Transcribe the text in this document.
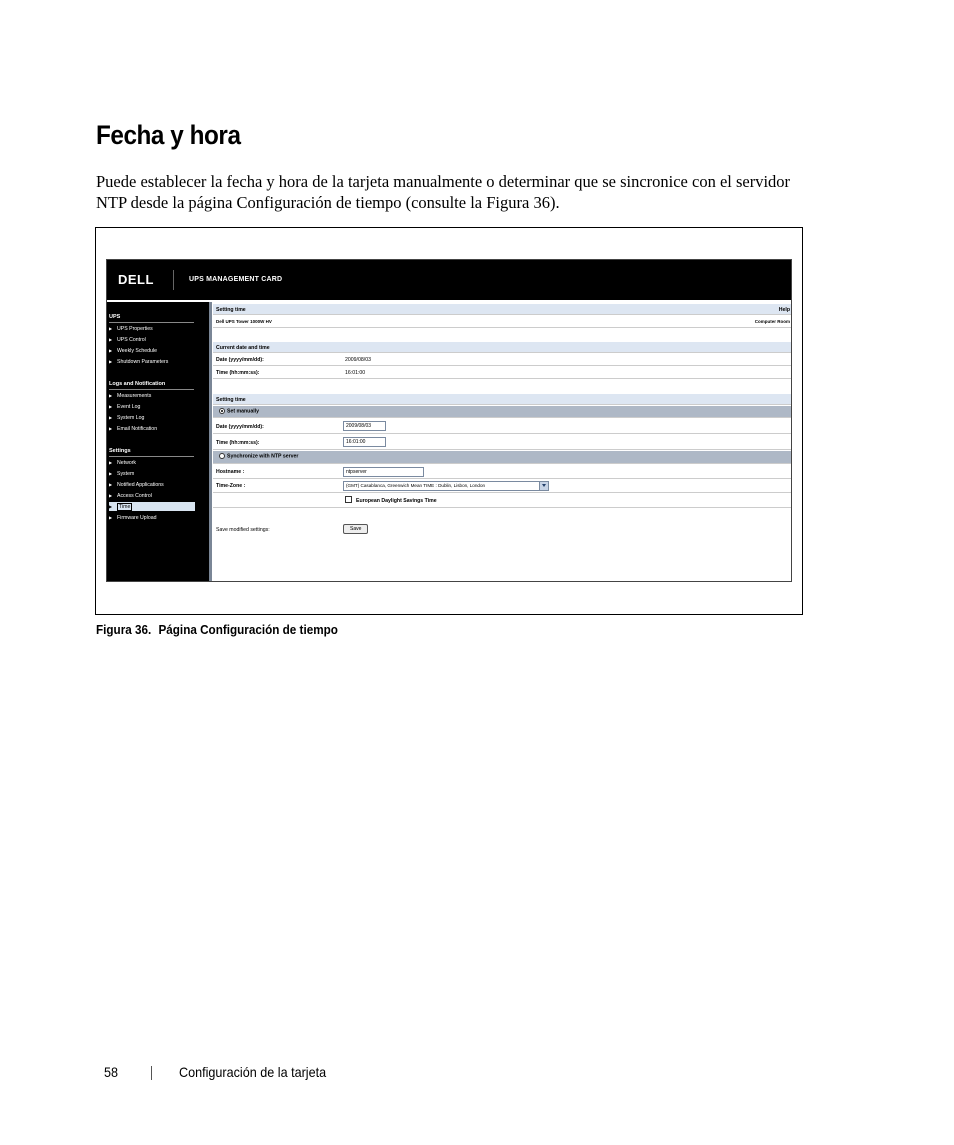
Fecha y hora

Puede establecer la fecha y hora de la tarjeta manualmente o determinar que se sincronice con el servidor NTP desde la página Configuración de tiempo (consulte la Figura 36).

DELL	UPS MANAGEMENT CARD
UPS
▶ UPS Properties
▶ UPS Control
▶ Weekly Schedule
▶ Shutdown Parameters
Logs and Notification
▶ Measurements
▶ Event Log
▶ System Log
▶ Email Notification
Settings
▶ Network
▶ System
▶ Notified Applications
▶ Access Control
▶ Time
▶ Firmware Upload
Setting time	Help
Dell UPS Tower 1000W HV	Computer Room
Current date and time
Date (yyyy/mm/dd):	2009/08/03
Time (hh:mm:ss):	16:01:00
Setting time
Set manually
Date (yyyy/mm/dd):	2009/08/03
Time (hh:mm:ss):	16:01:00
Synchronize with NTP server
Hostname :	ntpserver
Time-Zone :	(GMT) Casablanca, Greenwich Mean TIME : Dublin, Lisbon, London
European Daylight Savings Time
Save modified settings:	Save
Figura 36. Página Configuración de tiempo
58	Configuración de la tarjeta
